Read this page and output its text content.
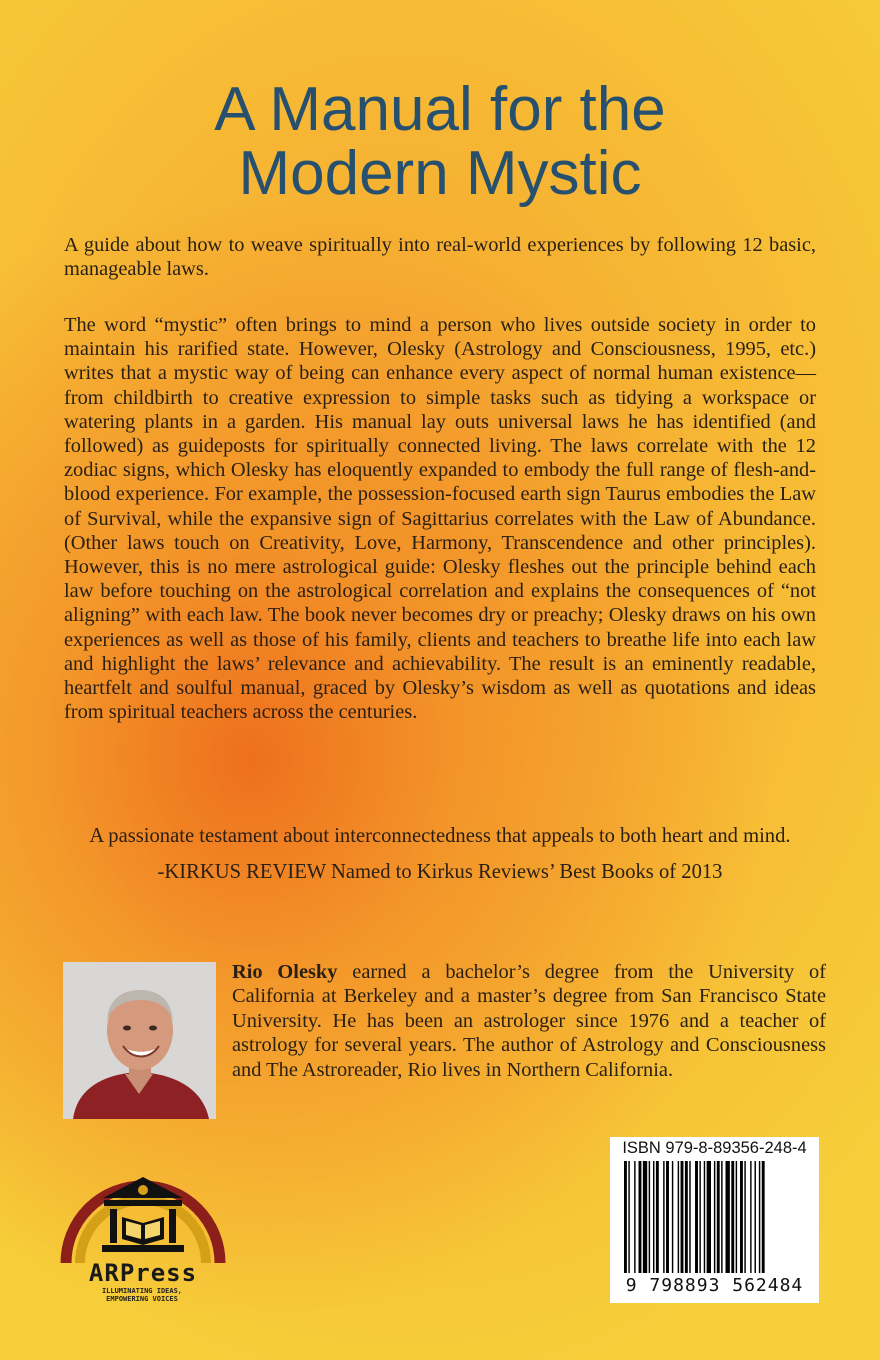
A Manual for the
Modern Mystic

A guide about how to weave spiritually into real-world experiences by following 12 basic, manageable laws.

The word “mystic” often brings to mind a person who lives outside society in order to maintain his rarified state. However, Olesky (Astrology and Consciousness, 1995, etc.) writes that a mystic way of being can enhance every aspect of normal human existence—from childbirth to creative expression to simple tasks such as tidying a workspace or watering plants in a garden. His manual lay outs universal laws he has identified (and followed) as guideposts for spiritually connected living. The laws correlate with the 12 zodiac signs, which Olesky has eloquently expanded to embody the full range of flesh-and-blood experience. For example, the possession-focused earth sign Taurus embodies the Law of Survival, while the expansive sign of Sagittarius correlates with the Law of Abundance. (Other laws touch on Creativity, Love, Harmony, Transcendence and other principles). However, this is no mere astrological guide: Olesky fleshes out the principle behind each law before touching on the astrological correlation and explains the consequences of “not aligning” with each law. The book never becomes dry or preachy; Olesky draws on his own experiences as well as those of his family, clients and teachers to breathe life into each law and highlight the laws’ relevance and achievability. The result is an eminently readable, heartfelt and soulful manual, graced by Olesky’s wisdom as well as quotations and ideas from spiritual teachers across the centuries.

A passionate testament about interconnectedness that appeals to both heart and mind.

-KIRKUS REVIEW Named to Kirkus Reviews’ Best Books of 2013

Rio Olesky earned a bachelor’s degree from the University of California at Berkeley and a master’s degree from San Francisco State University. He has been an astrologer since 1976 and a teacher of astrology for several years. The author of Astrology and Consciousness and The Astroreader, Rio lives in Northern California.

ARPress
ILLUMINATING IDEAS,
EMPOWERING VOICES
ISBN 979-8-89356-248-4
9 798893 562484
